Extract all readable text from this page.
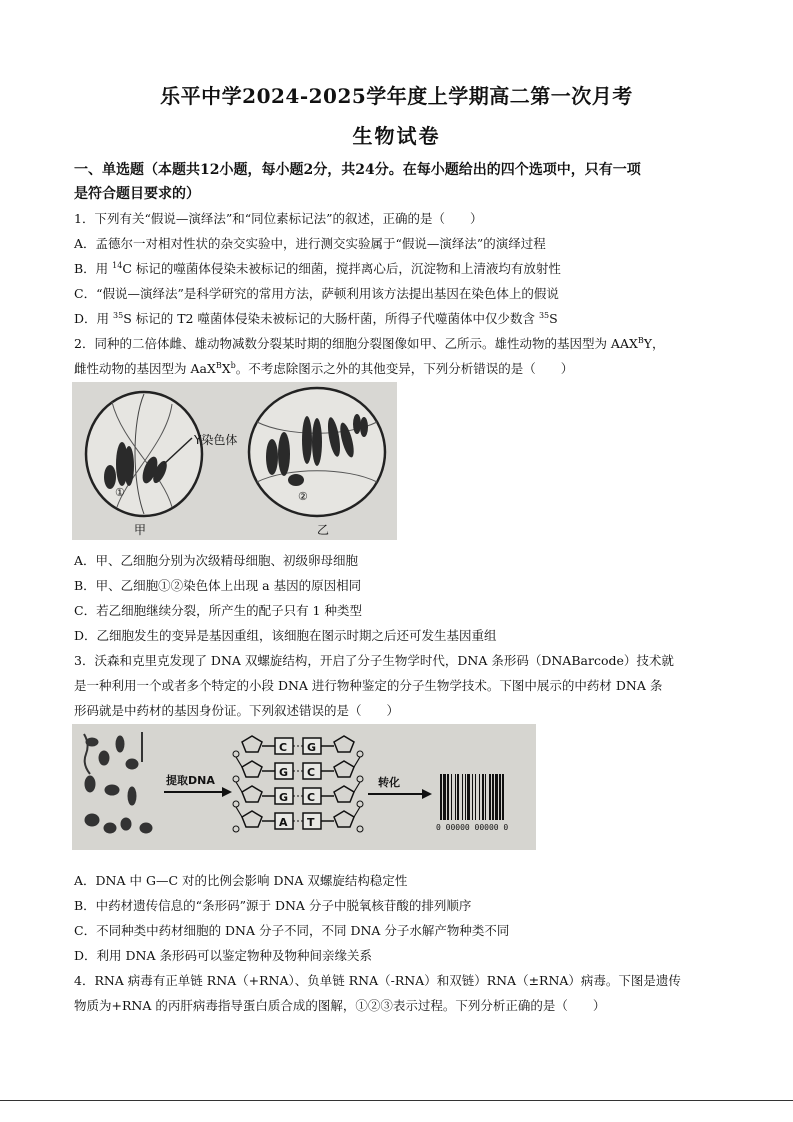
乐平中学2024-2025学年度上学期高二第一次月考
生物试卷
一、单选题（本题共12小题，每小题2分，共24分。在每小题给出的四个选项中，只有一项
是符合题目要求的）
1．下列有关“假说—演绎法”和“同位素标记法”的叙述，正确的是（　　）
A．孟德尔一对相对性状的杂交实验中，进行测交实验属于“假说—演绎法”的演绎过程
B．用 $^{14}$C 标记的噬菌体侵染未被标记的细菌，搅拌离心后，沉淀物和上清液均有放射性
C．“假说—演绎法”是科学研究的常用方法，萨顿利用该方法提出基因在染色体上的假说
D．用 $^{35}$S 标记的 T2 噬菌体侵染未被标记的大肠杆菌，所得子代噬菌体中仅少数含 $^{35}$S
2．同种的二倍体雌、雄动物减数分裂某时期的细胞分裂图像如甲、乙所示。雄性动物的基因型为 $AAX^BY$，
雌性动物的基因型为 $AaX^BX^b$。不考虑除图示之外的其他变异，下列分析错误的是（　　）
Y染色体
①
甲
②
乙
A．甲、乙细胞分别为次级精母细胞、初级卵母细胞
B．甲、乙细胞①②染色体上出现 a 基因的原因相同
C．若乙细胞继续分裂，所产生的配子只有 1 种类型
D．乙细胞发生的变异是基因重组，该细胞在图示时期之后还可发生基因重组
3．沃森和克里克发现了 DNA 双螺旋结构，开启了分子生物学时代，DNA 条形码（DNABarcode）技术就
是一种利用一个或者多个特定的小段 DNA 进行物种鉴定的分子生物学技术。下图中展示的中药材 DNA 条
形码就是中药材的基因身份证。下列叙述错误的是（　　）
提取DNA
C G
G C
G C
A T
转化
0 00000 00000 0
A．DNA 中 G—C 对的比例会影响 DNA 双螺旋结构稳定性
B．中药材遗传信息的“条形码”源于 DNA 分子中脱氧核苷酸的排列顺序
C．不同种类中药材细胞的 DNA 分子不同，不同 DNA 分子水解产物种类不同
D．利用 DNA 条形码可以鉴定物种及物种间亲缘关系
4．RNA 病毒有正单链 RNA（+RNA）、负单链 RNA（-RNA）和双链）RNA（±RNA）病毒。下图是遗传
物质为+RNA 的丙肝病毒指导蛋白质合成的图解，①②③表示过程。下列分析正确的是（　　）
